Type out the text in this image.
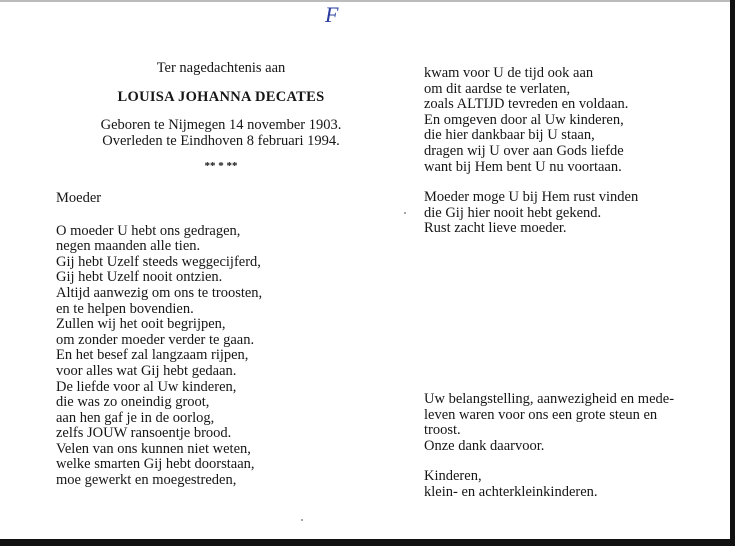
F
Ter nagedachtenis aan
LOUISA JOHANNA DECATES
Geboren te Nijmegen 14 november 1903.
Overleden te Eindhoven 8 februari 1994.
** * **
Moeder
O moeder U hebt ons gedragen,
negen maanden alle tien.
Gij hebt Uzelf steeds weggecijferd,
Gij hebt Uzelf nooit ontzien.
Altijd aanwezig om ons te troosten,
en te helpen bovendien.
Zullen wij het ooit begrijpen,
om zonder moeder verder te gaan.
En het besef zal langzaam rijpen,
voor alles wat Gij hebt gedaan.
De liefde voor al Uw kinderen,
die was zo oneindig groot,
aan hen gaf je in de oorlog,
zelfs JOUW ransoentje brood.
Velen van ons kunnen niet weten,
welke smarten Gij hebt doorstaan,
moe gewerkt en moegestreden,
kwam voor U de tijd ook aan
om dit aardse te verlaten,
zoals ALTIJD tevreden en voldaan.
En omgeven door al Uw kinderen,
die hier dankbaar bij U staan,
dragen wij U over aan Gods liefde
want bij Hem bent U nu voortaan.
Moeder moge U bij Hem rust vinden
die Gij hier nooit hebt gekend.
Rust zacht lieve moeder.
Uw belangstelling, aanwezigheid en mede-
leven waren voor ons een grote steun en
troost.
Onze dank daarvoor.
Kinderen,
klein- en achterkleinkinderen.
